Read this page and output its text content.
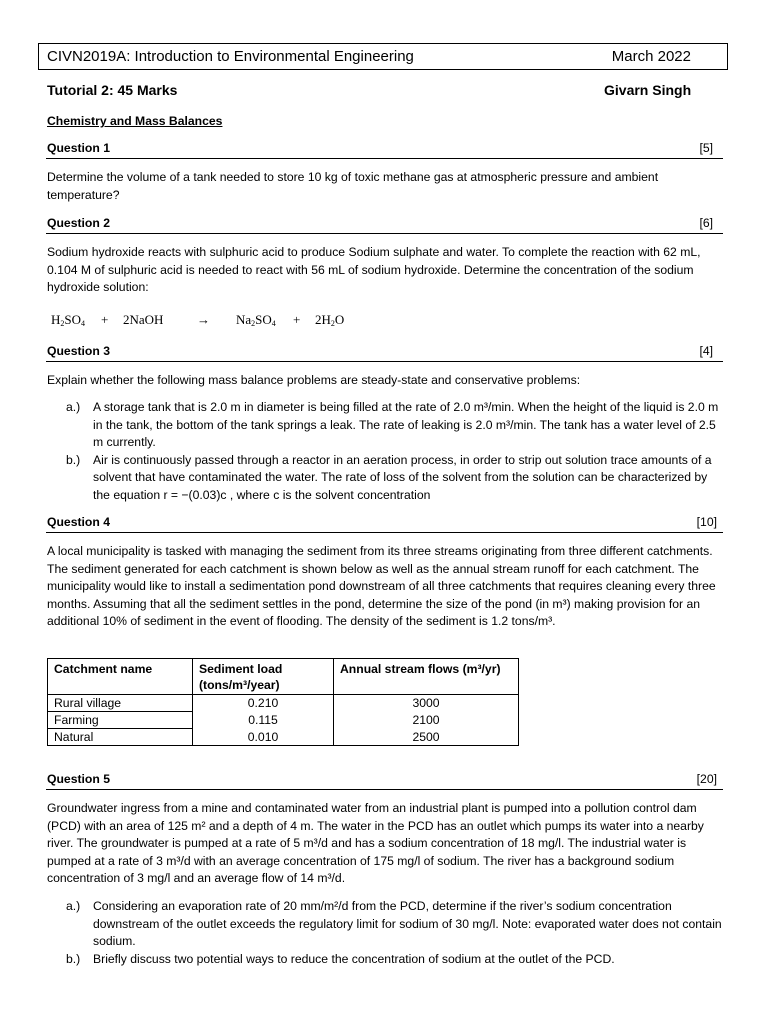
CIVN2019A: Introduction to Environmental Engineering	March 2022
Tutorial 2: 45 Marks	Givarn Singh
Chemistry and Mass Balances
Question 1	[5]

Determine the volume of a tank needed to store 10 kg of toxic methane gas at atmospheric pressure and ambient temperature?

Question 2	[6]

Sodium hydroxide reacts with sulphuric acid to produce Sodium sulphate and water. To complete the reaction with 62 mL, 0.104 M of sulphuric acid is needed to react with 56 mL of sodium hydroxide. Determine the concentration of the sodium hydroxide solution:

$H_2SO_4$ + 2NaOH	→ $Na_2SO_4 + 2H_2O$
Question 3	[4]

Explain whether the following mass balance problems are steady-state and conservative problems:

a.) A storage tank that is 2.0 m in diameter is being filled at the rate of 2.0 m³/min. When the height of the liquid is 2.0 m in the tank, the bottom of the tank springs a leak. The rate of leaking is 2.0 m³/min. The tank has a water level of 2.5 m currently.
b.) Air is continuously passed through a reactor in an aeration process, in order to strip out solution trace amounts of a solvent that have contaminated the water. The rate of loss of the solvent from the solution can be characterized by the equation r = −(0.03)c , where c is the solvent concentration
Question 4	[10]

A local municipality is tasked with managing the sediment from its three streams originating from three different catchments. The sediment generated for each catchment is shown below as well as the annual stream runoff for each catchment. The municipality would like to install a sedimentation pond downstream of all three catchments that requires cleaning every three months. Assuming that all the sediment settles in the pond, determine the size of the pond (in m³) making provision for an additional 10% of sediment in the event of flooding. The density of the sediment is 1.2 tons/m³.

Catchment name	Sediment load (tons/m³/year)	Annual stream flows (m³/yr)
Rural village	0.210	3000
Farming	0.115	2100
Natural	0.010	2500
Question 5	[20]

Groundwater ingress from a mine and contaminated water from an industrial plant is pumped into a pollution control dam (PCD) with an area of 125 m² and a depth of 4 m. The water in the PCD has an outlet which pumps its water into a nearby river. The groundwater is pumped at a rate of 5 m³/d and has a sodium concentration of 18 mg/l. The industrial water is pumped at a rate of 3 m³/d with an average concentration of 175 mg/l of sodium. The river has a background sodium concentration of 3 mg/l and an average flow of 14 m³/d.

a.) Considering an evaporation rate of 20 mm/m²/d from the PCD, determine if the river’s sodium concentration downstream of the outlet exceeds the regulatory limit for sodium of 30 mg/l. Note: evaporated water does not contain sodium.
b.) Briefly discuss two potential ways to reduce the concentration of sodium at the outlet of the PCD.
